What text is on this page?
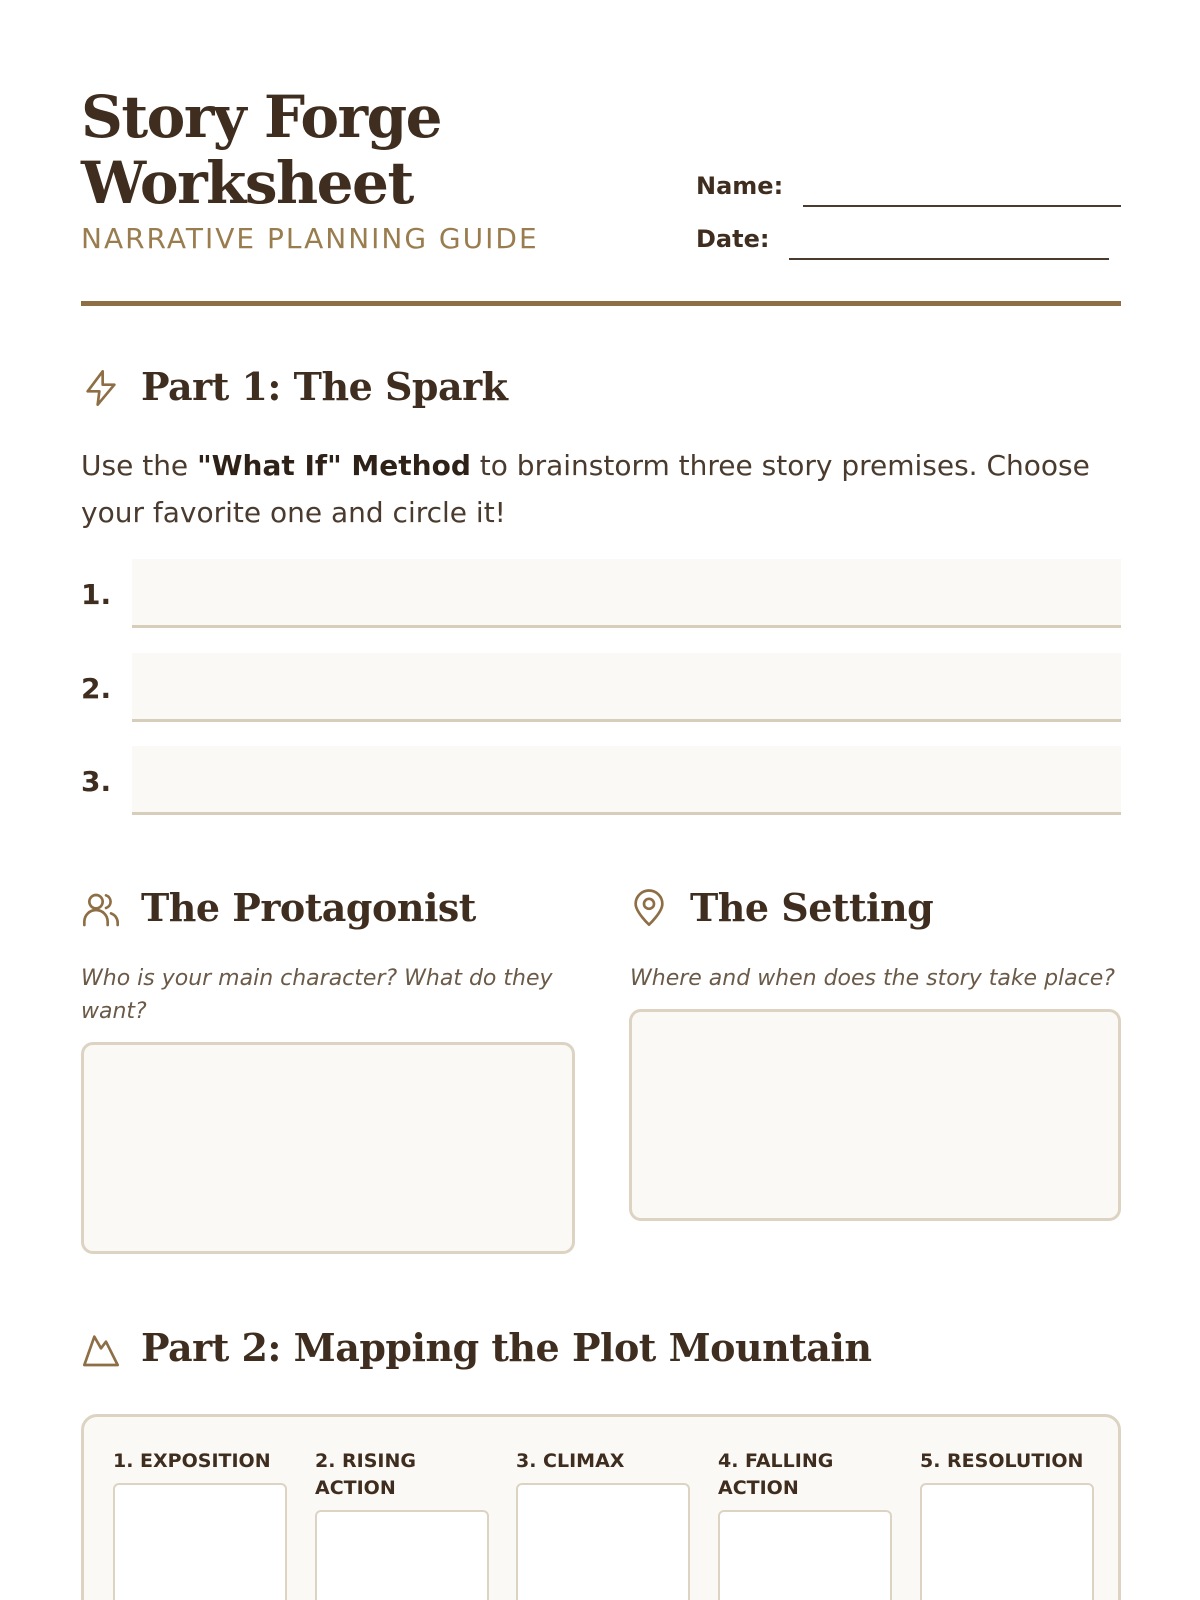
Story Forge Worksheet
NARRATIVE PLANNING GUIDE
Name:
Date:
Part 1: The Spark
Use the "What If" Method to brainstorm three story premises. Choose your favorite one and circle it!
1.
2.
3.
The Protagonist
Who is your main character? What do they want?
The Setting
Where and when does the story take place?
Part 2: Mapping the Plot Mountain
1. EXPOSITION	2. RISING ACTION
3. CLIMAX	4. FALLING ACTION
5. RESOLUTION
